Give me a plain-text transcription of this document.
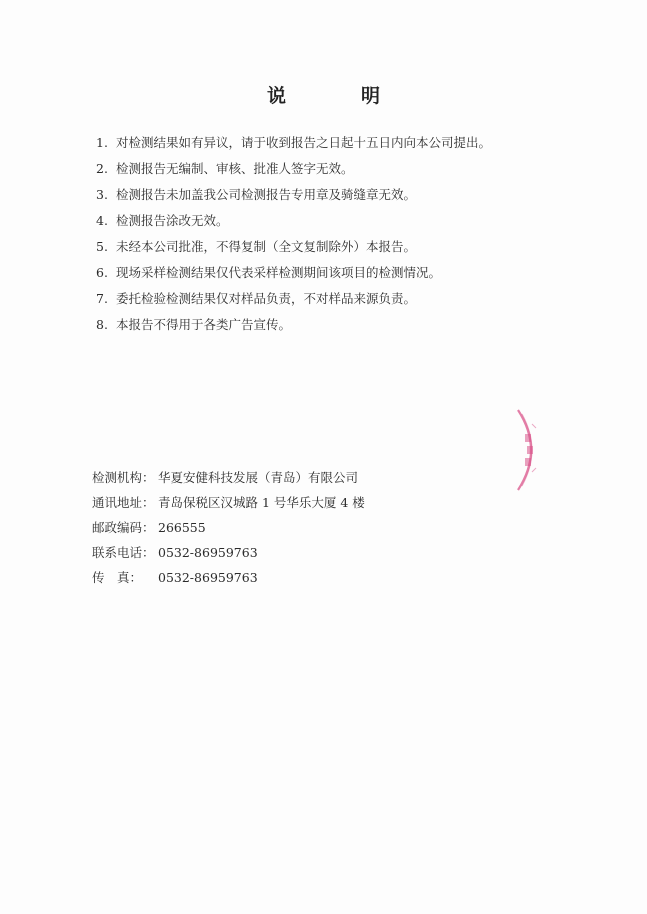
说　明
1. 对检测结果如有异议，请于收到报告之日起十五日内向本公司提出。
2. 检测报告无编制、审核、批准人签字无效。
3. 检测报告未加盖我公司检测报告专用章及骑缝章无效。
4. 检测报告涂改无效。
5. 未经本公司批准，不得复制（全文复制除外）本报告。
6. 现场采样检测结果仅代表采样检测期间该项目的检测情况。
7. 委托检验检测结果仅对样品负责，不对样品来源负责。
8. 本报告不得用于各类广告宣传。
检测机构： 华夏安健科技发展（青岛）有限公司
通讯地址： 青岛保税区汉城路 1 号华乐大厦 4 楼
邮政编码： 266555
联系电话： 0532-86959763
传　真： 0532-86959763
